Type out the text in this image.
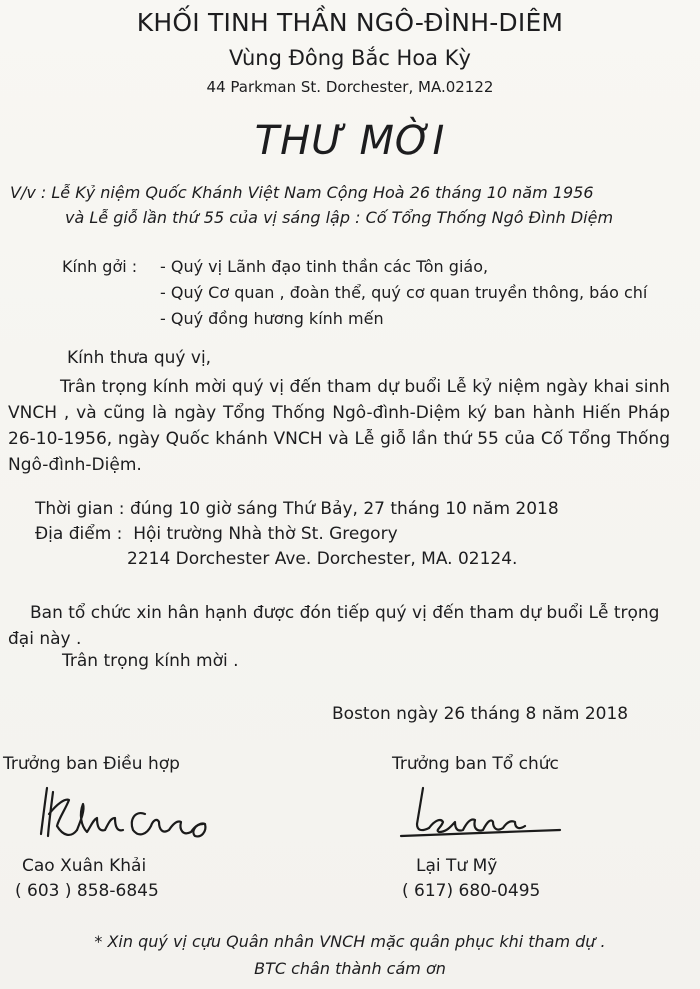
KHỐI TINH THẦN NGÔ-ĐÌNH-DIÊM
Vùng Đông Bắc Hoa Kỳ
44 Parkman St. Dorchester, MA.02122
THƯ MỜI
V/v : Lễ Kỷ niệm Quốc Khánh Việt Nam Cộng Hoà 26 tháng 10 năm 1956
và Lễ giỗ lần thứ 55 của vị sáng lập : Cố Tổng Thống Ngô Đình Diệm
Kính gởi :	- Quý vị Lãnh đạo tinh thần các Tôn giáo,
- Quý Cơ quan , đoàn thể, quý cơ quan truyền thông, báo chí
- Quý đồng hương kính mến
Kính thưa quý vị,
Trân trọng kính mời quý vị đến tham dự buổi Lễ kỷ niệm ngày khai sinh VNCH , và cũng là ngày Tổng Thống Ngô-đình-Diệm ký ban hành Hiến Pháp 26-10-1956, ngày Quốc khánh VNCH và Lễ giỗ lần thứ 55 của Cố Tổng Thống Ngô-đình-Diệm.
Thời gian :
đúng 10 giờ sáng Thứ Bảy, 27 tháng 10 năm 2018
Địa điểm :
Hội trường Nhà thờ St. Gregory
2214 Dorchester Ave. Dorchester, MA. 02124.
Ban tổ chức xin hân hạnh được đón tiếp quý vị đến tham dự buổi Lễ trọng đại này .
Trân trọng kính mời .
Boston ngày 26 tháng 8 năm 2018
Trưởng ban Điều hợp	Trưởng ban Tổ chức
Cao Xuân Khải
( 603 ) 858-6845
Lại Tư Mỹ
( 617) 680-0495
* Xin quý vị cựu Quân nhân VNCH mặc quân phục khi tham dự .
BTC chân thành cám ơn
